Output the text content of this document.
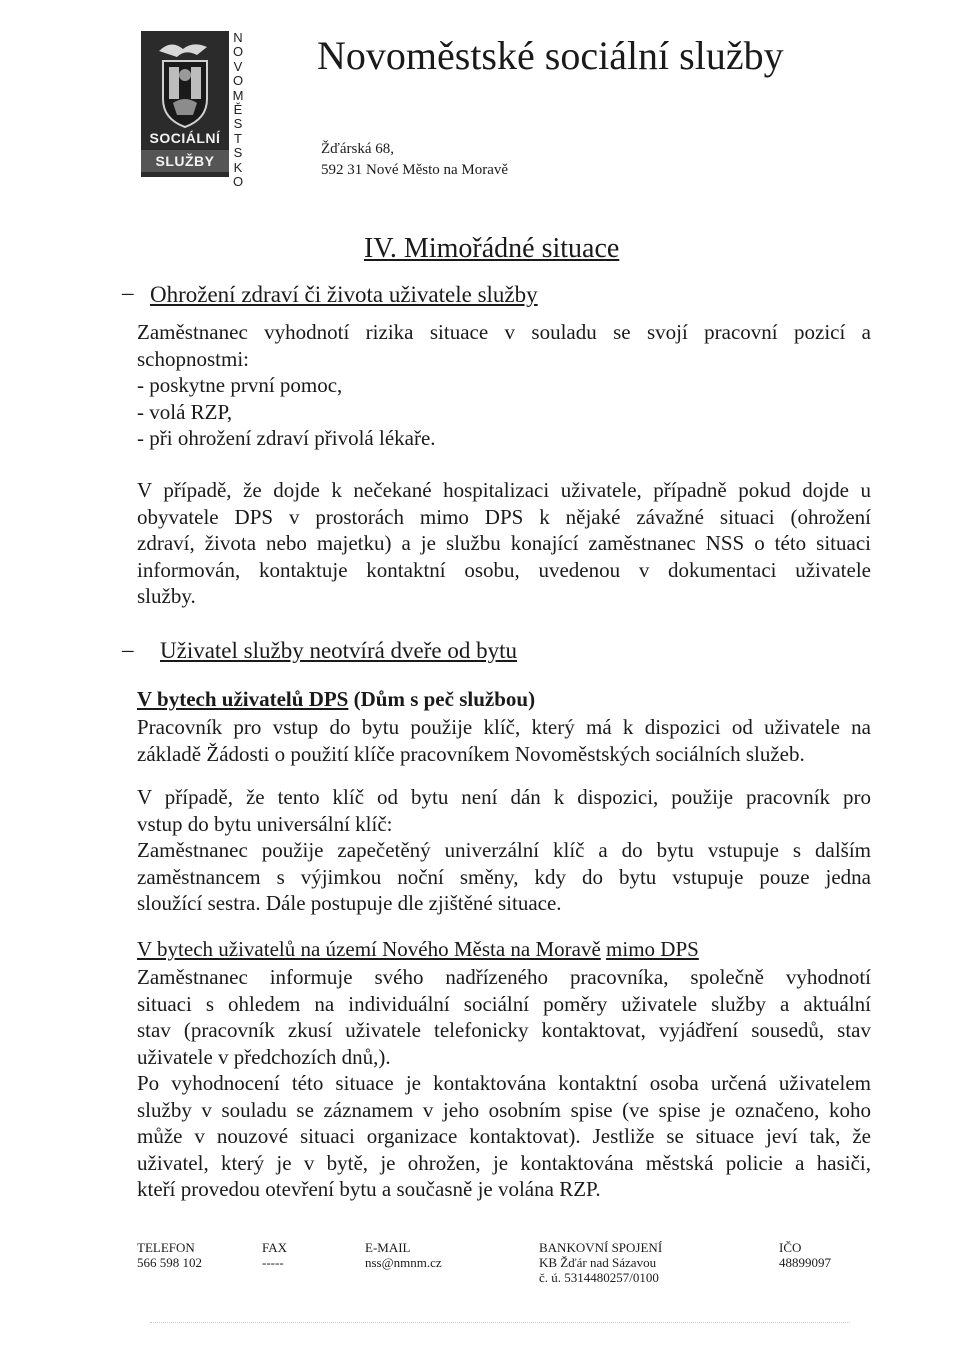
SOCIÁLNÍ
SLUŽBY
N
O
V
O
M
Ě
S
T
S
K
O
Novoměstské sociální služby
Žďárská 68,
592 31 Nové Město na Moravě
IV. Mimořádné situace
– Ohrožení zdraví či života uživatele služby
Zaměstnanec vyhodnotí rizika situace v souladu se svojí pracovní pozicí a
schopnostmi:
- poskytne první pomoc,
- volá RZP,
- při ohrožení zdraví přivolá lékaře.
V případě, že dojde k nečekané hospitalizaci uživatele, případně pokud dojde u
obyvatele DPS v prostorách mimo DPS k nějaké závažné situaci (ohrožení
zdraví, života nebo majetku) a je službu konající zaměstnanec NSS o této situaci
informován, kontaktuje kontaktní osobu, uvedenou v dokumentaci uživatele
služby.
– Uživatel služby neotvírá dveře od bytu
V bytech uživatelů DPS (Dům s peč službou)
Pracovník pro vstup do bytu použije klíč, který má k dispozici od uživatele na
základě Žádosti o použití klíče pracovníkem Novoměstských sociálních služeb.
V případě, že tento klíč od bytu není dán k dispozici, použije pracovník pro
vstup do bytu universální klíč:
Zaměstnanec použije zapečetěný univerzální klíč a do bytu vstupuje s dalším
zaměstnancem s výjimkou noční směny, kdy do bytu vstupuje pouze jedna
sloužící sestra. Dále postupuje dle zjištěné situace.
V bytech uživatelů na území Nového Města na Moravě mimo DPS
Zaměstnanec informuje svého nadřízeného pracovníka, společně vyhodnotí
situaci s ohledem na individuální sociální poměry uživatele služby a aktuální
stav (pracovník zkusí uživatele telefonicky kontaktovat, vyjádření sousedů, stav
uživatele v předchozích dnů,).
Po vyhodnocení této situace je kontaktována kontaktní osoba určená uživatelem
služby v souladu se záznamem v jeho osobním spise (ve spise je označeno, koho
může v nouzové situaci organizace kontaktovat). Jestliže se situace jeví tak, že
uživatel, který je v bytě, je ohrožen, je kontaktována městská policie a hasiči,
kteří provedou otevření bytu a současně je volána RZP.
TELEFON
566 598 102
FAX
-----
E-MAIL
nss@nmnm.cz
BANKOVNÍ SPOJENÍ
KB Žďár nad Sázavou
č. ú. 5314480257/0100
IČO
48899097
